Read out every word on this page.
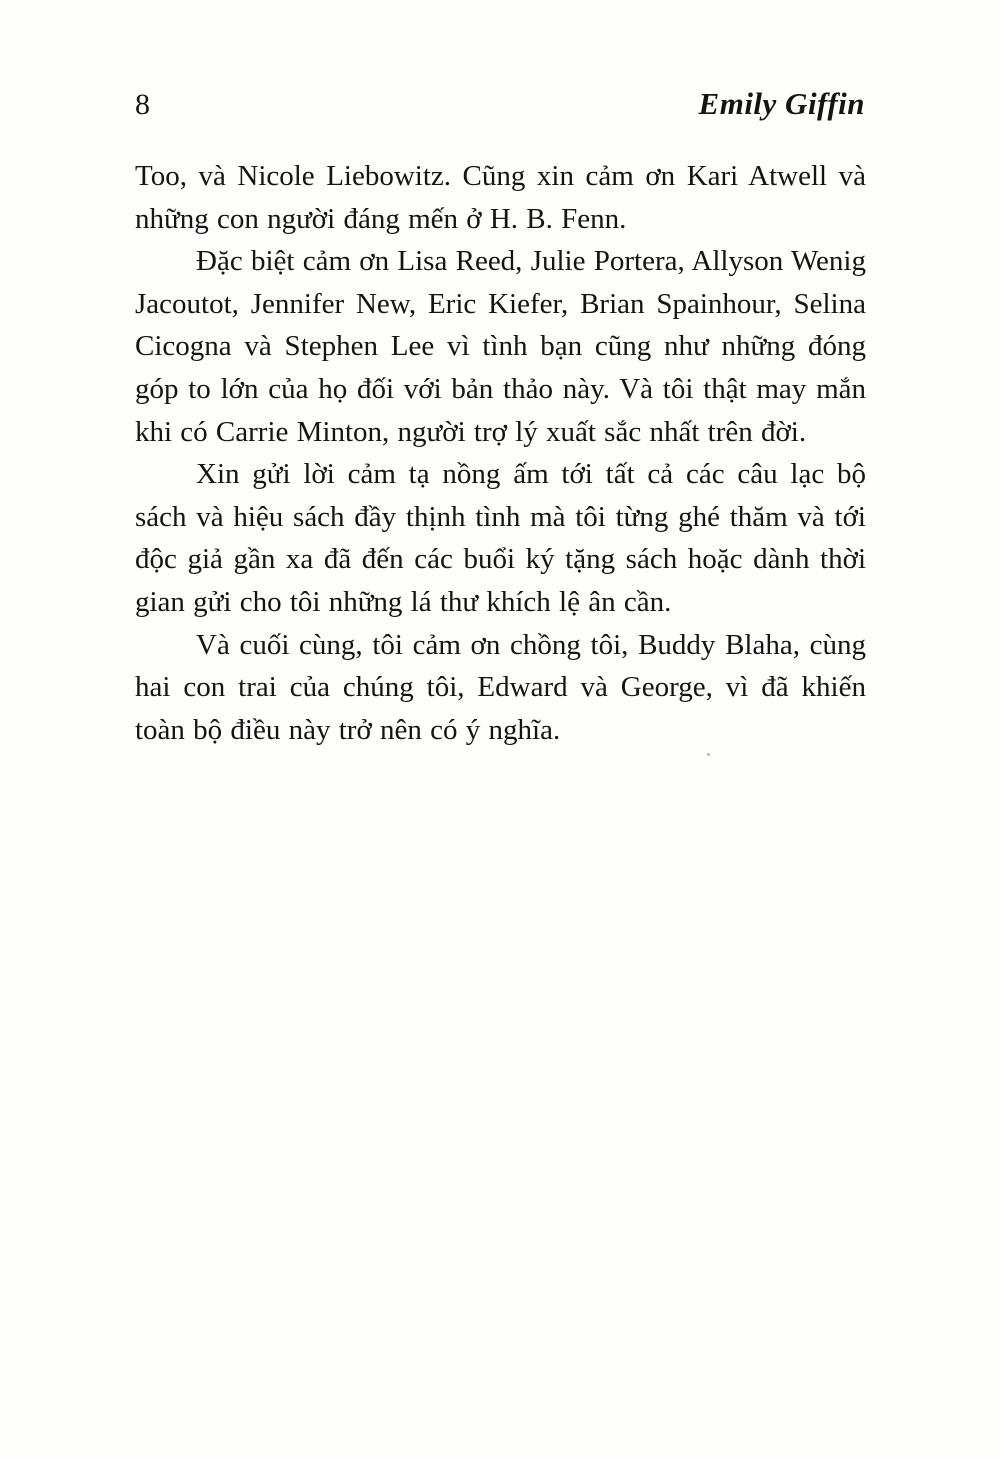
8	Emily Giffin

Too, và Nicole Liebowitz. Cũng xin cảm ơn Kari Atwell và những con người đáng mến ở H. B. Fenn.

Đặc biệt cảm ơn Lisa Reed, Julie Portera, Allyson Wenig Jacoutot, Jennifer New, Eric Kiefer, Brian Spainhour, Selina Cicogna và Stephen Lee vì tình bạn cũng như những đóng góp to lớn của họ đối với bản thảo này. Và tôi thật may mắn khi có Carrie Minton, người trợ lý xuất sắc nhất trên đời.

Xin gửi lời cảm tạ nồng ấm tới tất cả các câu lạc bộ sách và hiệu sách đầy thịnh tình mà tôi từng ghé thăm và tới độc giả gần xa đã đến các buổi ký tặng sách hoặc dành thời gian gửi cho tôi những lá thư khích lệ ân cần.

Và cuối cùng, tôi cảm ơn chồng tôi, Buddy Blaha, cùng hai con trai của chúng tôi, Edward và George, vì đã khiến toàn bộ điều này trở nên có ý nghĩa.
